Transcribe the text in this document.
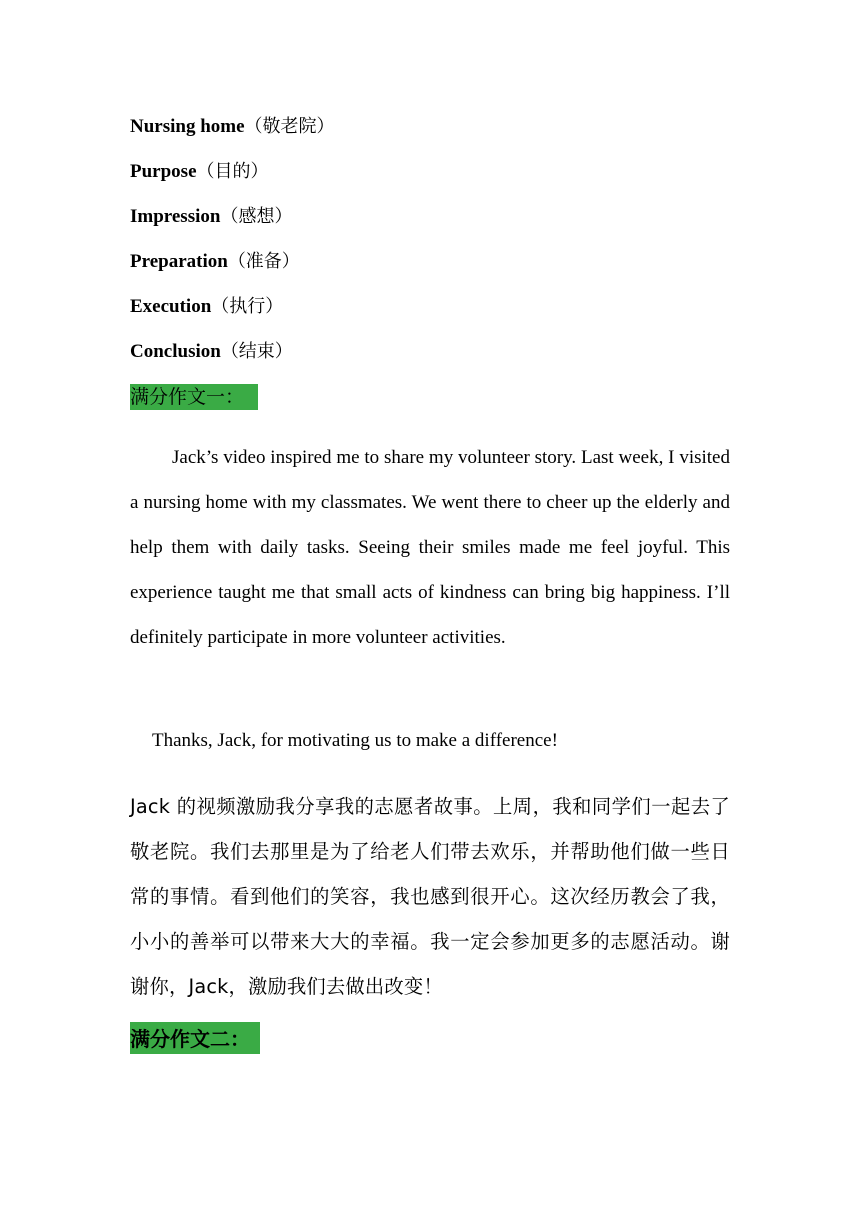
Nursing home（敬老院）
Purpose（目的）
Impression（感想）
Preparation（准备）
Execution（执行）
Conclusion（结束）
满分作文一：
Jack’s video inspired me to share my volunteer story. Last week, I visited a nursing home with my classmates. We went there to cheer up the elderly and help them with daily tasks. Seeing their smiles made me feel joyful. This experience taught me that small acts of kindness can bring big happiness. I’ll definitely participate in more volunteer activities.
Thanks, Jack, for motivating us to make a difference!
Jack 的视频激励我分享我的志愿者故事。上周，我和同学们一起去了敬老院。我们去那里是为了给老人们带去欢乐，并帮助他们做一些日常的事情。看到他们的笑容，我也感到很开心。这次经历教会了我，小小的善举可以带来大大的幸福。我一定会参加更多的志愿活动。谢谢你，Jack，激励我们去做出改变！
满分作文二：
